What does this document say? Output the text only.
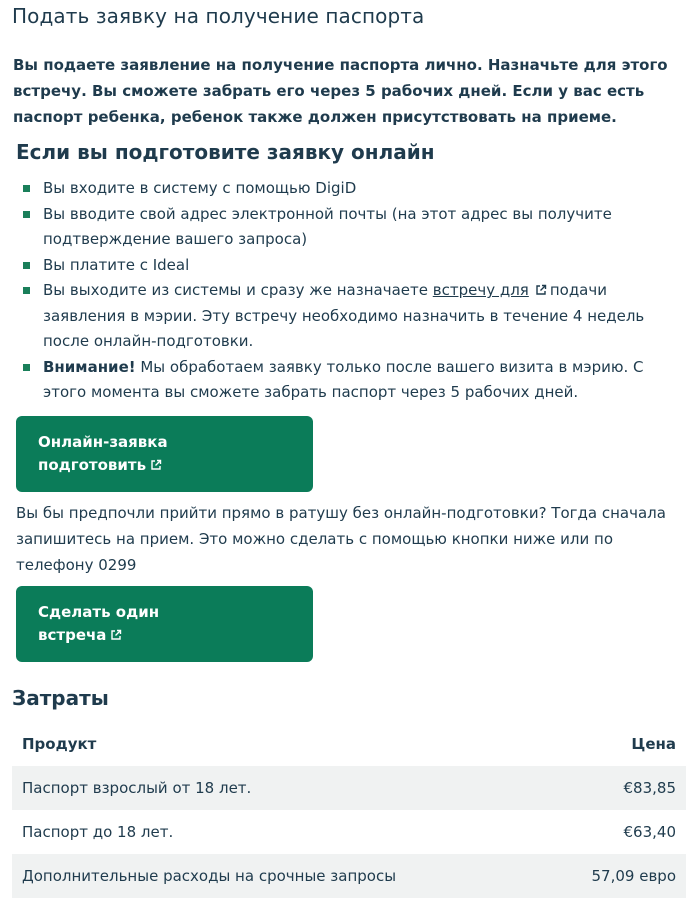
Подать заявку на получение паспорта
Вы подаете заявление на получение паспорта лично. Назначьте для этого встречу. Вы сможете забрать его через 5 рабочих дней. Если у вас есть паспорт ребенка, ребенок также должен присутствовать на приеме.
Если вы подготовите заявку онлайн
Вы входите в систему с помощью DigiD
Вы вводите свой адрес электронной почты (на этот адрес вы получите подтверждение вашего запроса)
Вы платите с Ideal
Вы выходите из системы и сразу же назначаете встречу для подачи заявления в мэрии. Эту встречу необходимо назначить в течение 4 недель после онлайн-подготовки.
Внимание! Мы обработаем заявку только после вашего визита в мэрию. С этого момента вы сможете забрать паспорт через 5 рабочих дней.
Онлайн-заявка
подготовить
Вы бы предпочли прийти прямо в ратушу без онлайн-подготовки? Тогда сначала запишитесь на прием. Это можно сделать с помощью кнопки ниже или по телефону 0299
Сделать один
встреча
Затраты
Продукт	Цена
Паспорт взрослый от 18 лет.	€83,85
Паспорт до 18 лет.	€63,40
Дополнительные расходы на срочные запросы	57,09 евро
